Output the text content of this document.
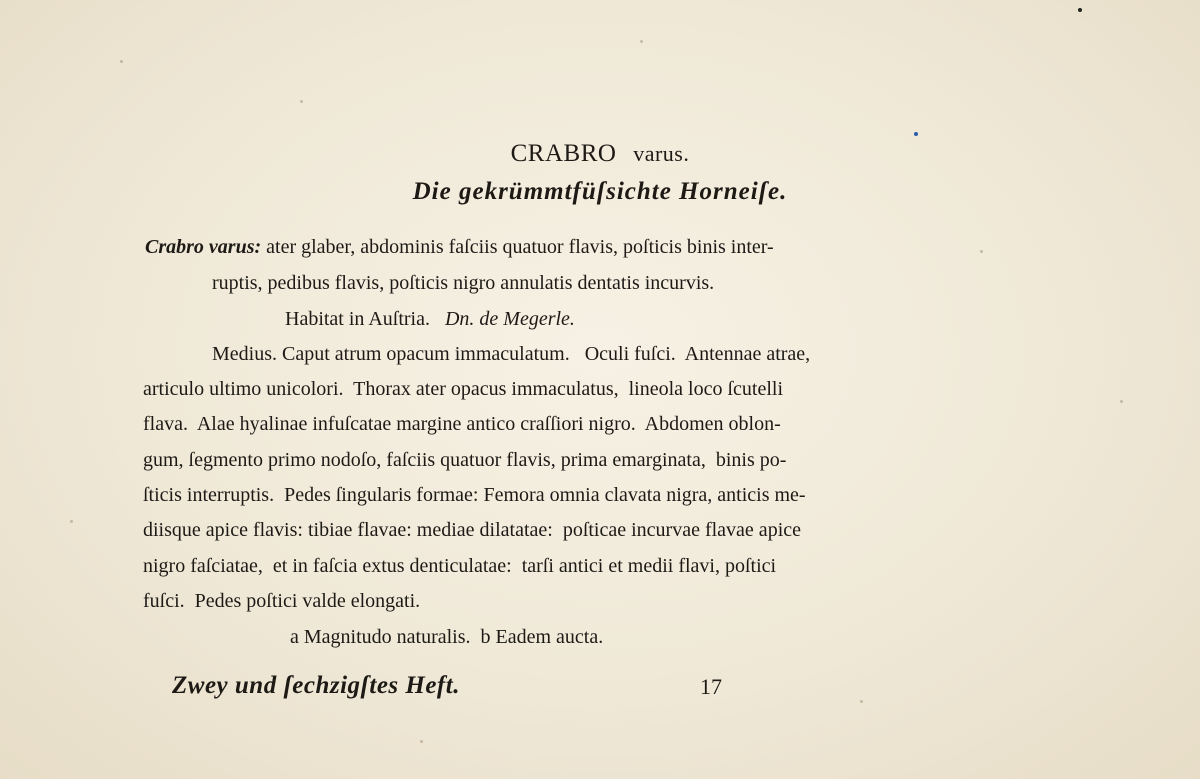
CRABRO varus.
Die gekrümmtfüſsichte Horneiſe.
Crabro varus: ater glaber, abdominis faſciis quatuor flavis, poſticis binis inter-
ruptis, pedibus flavis, poſticis nigro annulatis dentatis incurvis.
Habitat in Auſtria. Dn. de Megerle.
Medius. Caput atrum opacum immaculatum.   Oculi fuſci.  Antennae atrae,
articulo ultimo unicolori.  Thorax ater opacus immaculatus,  lineola loco ſcutelli
flava.  Alae hyalinae infuſcatae margine antico craſſiori nigro.  Abdomen oblon-
gum, ſegmento primo nodoſo, faſciis quatuor flavis, prima emarginata,  binis po-
ſticis interruptis.  Pedes ſingularis formae: Femora omnia clavata nigra, anticis me-
diisque apice flavis: tibiae flavae: mediae dilatatae:  poſticae incurvae flavae apice
nigro faſciatae,  et in faſcia extus denticulatae:  tarſi antici et medii flavi, poſtici
fuſci.  Pedes poſtici valde elongati.
a Magnitudo naturalis.  b Eadem aucta.
Zwey und ſechzigſtes Heft.	17
